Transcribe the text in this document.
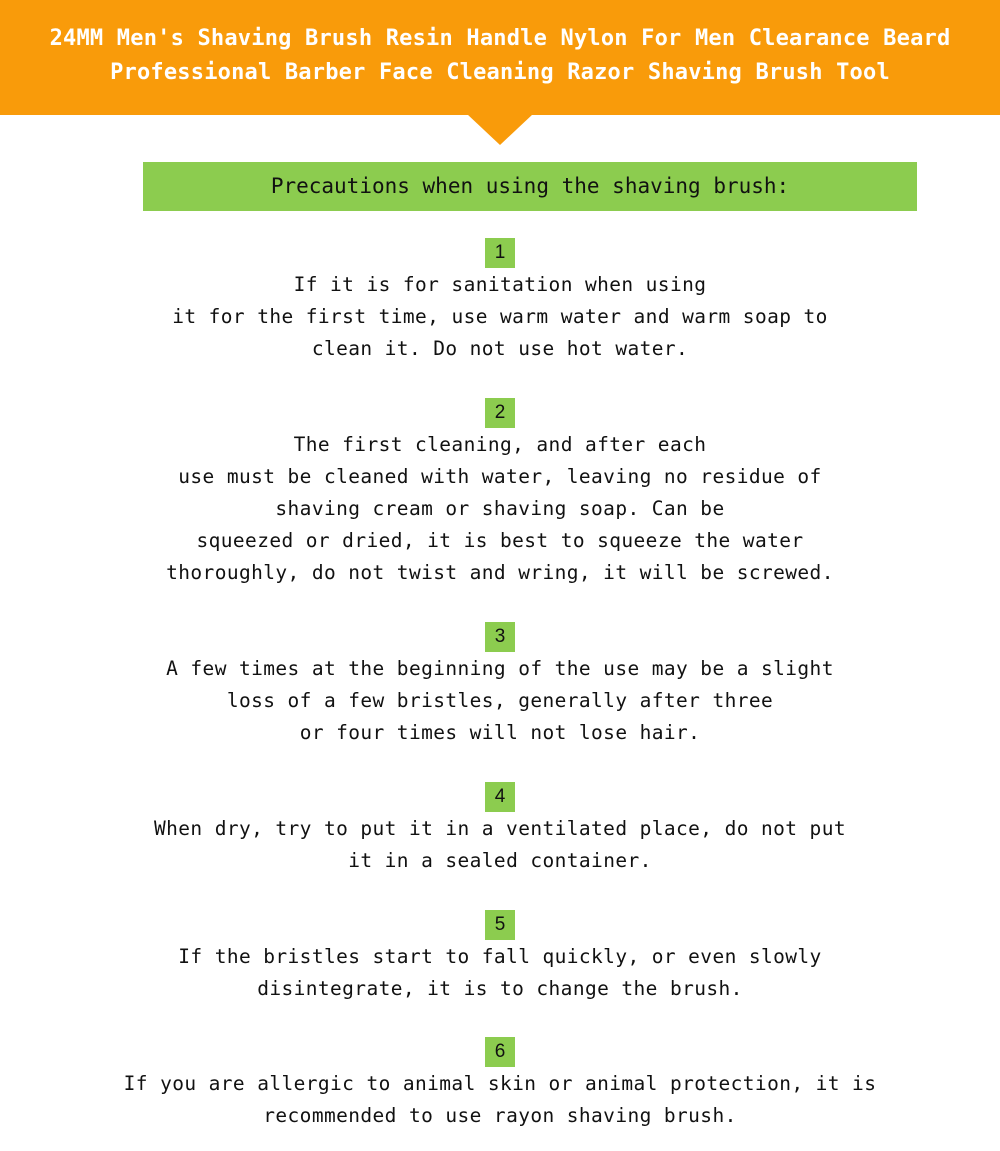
24MM Men's Shaving Brush Resin Handle Nylon For Men Clearance Beard
Professional Barber Face Cleaning Razor Shaving Brush Tool
Precautions when using the shaving brush:
1
If it is for sanitation when using
it for the first time, use warm water and warm soap to
clean it. Do not use hot water.
2
The first cleaning, and after each
use must be cleaned with water, leaving no residue of
shaving cream or shaving soap. Can be
squeezed or dried, it is best to squeeze the water
thoroughly, do not twist and wring, it will be screwed.
3
A few times at the beginning of the use may be a slight
loss of a few bristles, generally after three
or four times will not lose hair.
4
When dry, try to put it in a ventilated place, do not put
it in a sealed container.
5
If the bristles start to fall quickly, or even slowly
disintegrate, it is to change the brush.
6
If you are allergic to animal skin or animal protection, it is
recommended to use rayon shaving brush.
